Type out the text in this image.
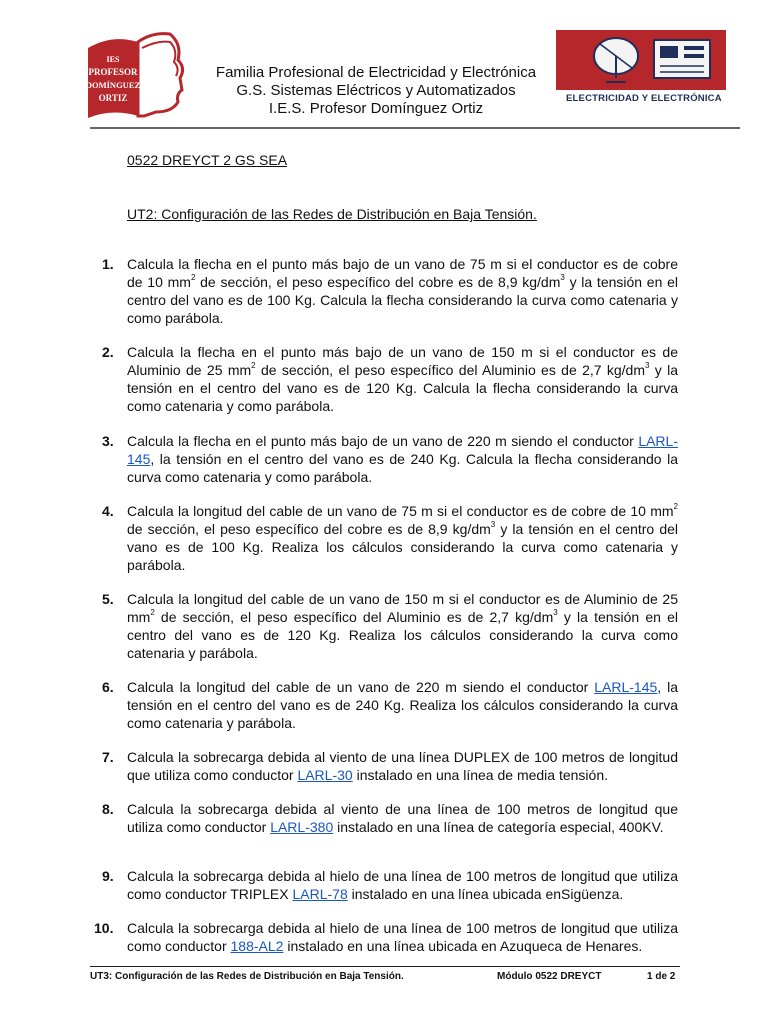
IES
PROFESOR
DOMÍNGUEZ
ORTIZ
Familia Profesional de Electricidad y Electrónica
G.S. Sistemas Eléctricos y Automatizados
I.E.S. Profesor Domínguez Ortiz
ELECTRICIDAD Y ELECTRÓNICA
0522 DREYCT 2 GS SEA
UT2: Configuración de las Redes de Distribución en Baja Tensión.
1. Calcula la flecha en el punto más bajo de un vano de 75 m si el conductor es de cobre de 10 $mm^2$ de sección, el peso específico del cobre es de 8,9 $kg/dm^3$ y la tensión en el centro del vano es de 100 Kg. Calcula la flecha considerando la curva como catenaria y como parábola.
2. Calcula la flecha en el punto más bajo de un vano de 150 m si el conductor es de Aluminio de 25 $mm^2$ de sección, el peso específico del Aluminio es de 2,7 $kg/dm^3$ y la tensión en el centro del vano es de 120 Kg. Calcula la flecha considerando la curva como catenaria y como parábola.
3. Calcula la flecha en el punto más bajo de un vano de 220 m siendo el conductor LARL-145, la tensión en el centro del vano es de 240 Kg. Calcula la flecha considerando la curva como catenaria y como parábola.
4. Calcula la longitud del cable de un vano de 75 m si el conductor es de cobre de 10 $mm^2$ de sección, el peso específico del cobre es de 8,9 $kg/dm^3$ y la tensión en el centro del vano es de 100 Kg. Realiza los cálculos considerando la curva como catenaria y parábola.
5. Calcula la longitud del cable de un vano de 150 m si el conductor es de Aluminio de 25 $mm^2$ de sección, el peso específico del Aluminio es de 2,7 $kg/dm^3$ y la tensión en el centro del vano es de 120 Kg. Realiza los cálculos considerando la curva como catenaria y parábola.
6. Calcula la longitud del cable de un vano de 220 m siendo el conductor LARL-145, la tensión en el centro del vano es de 240 Kg. Realiza los cálculos considerando la curva como catenaria y parábola.
7. Calcula la sobrecarga debida al viento de una línea DUPLEX de 100 metros de longitud que utiliza como conductor LARL-30 instalado en una línea de media tensión.
8. Calcula la sobrecarga debida al viento de una línea de 100 metros de longitud que utiliza como conductor LARL-380 instalado en una línea de categoría especial, 400KV.
9. Calcula la sobrecarga debida al hielo de una línea de 100 metros de longitud que utiliza como conductor TRIPLEX LARL-78 instalado en una línea ubicada enSigüenza.
10. Calcula la sobrecarga debida al hielo de una línea de 100 metros de longitud que utiliza como conductor 188-AL2 instalado en una línea ubicada en Azuqueca de Henares.
UT3: Configuración de las Redes de Distribución en Baja Tensión.	Módulo 0522 DREYCT	1 de 2
